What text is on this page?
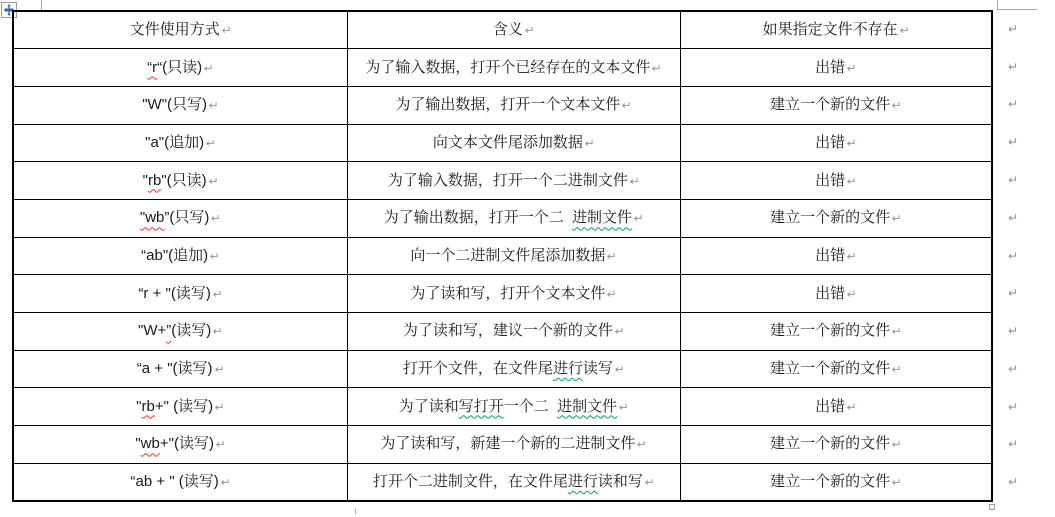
文件使用方式 ↵	含义 ↵	如果指定文件不存在 ↵
“r“(只读) ↵	为了输入数据，打开个已经存在的文本文件 ↵	出错 ↵
"W"(只写) ↵	为了输出数据，打开一个文本文件 ↵	建立一个新的文件 ↵
"a"(追加) ↵	向文本文件尾添加数据 ↵	出错 ↵
"rb"(只读) ↵	为了输入数据，打开一个二进制文件 ↵	出错 ↵
"wb”(只写) ↵	为了输出数据，打开一个二  进制文件 ↵	建立一个新的文件 ↵
“ab"(追加) ↵	向一个二进制文件尾添加数据 ↵	出错 ↵
“r + "(读写) ↵	为了读和写，打开个文本文件 ↵	出错 ↵
"W+”(读写) ↵	为了读和写，建议一个新的文件 ↵	建立一个新的文件 ↵
“a + "(读写) ↵	打开个文件，在文件尾进行读写 ↵	建立一个新的文件 ↵
"rb+" (读写) ↵	为了读和写打开一个二  进制文件 ↵	出错 ↵
"wb+"(读写) ↵	为了读和写，新建一个新的二进制文件 ↵	建立一个新的文件 ↵
“ab + " (读写) ↵	打开个二进制文件，在文件尾进行读和写 ↵	建立一个新的文件 ↵
↵
↵
↵
↵
↵
↵
↵
↵
↵
↵
↵
↵
↵
